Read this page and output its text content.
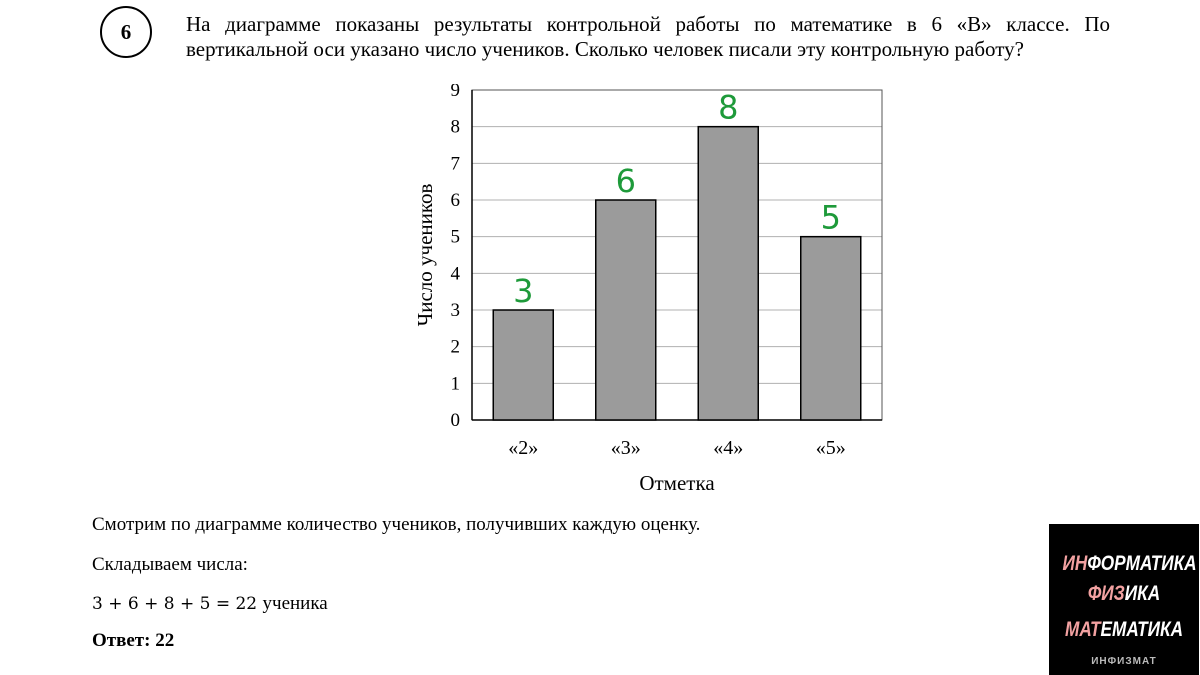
6	На диаграмме показаны результаты контрольной работы по математике в 6 «В» классе. По вертикальной оси указано число учеников. Сколько человек писали эту контрольную работу?

0
1
2
3
4
5
6
7
8
9
«2»
3
«3»
6
«4»
8
«5»
5
Отметка
Число учеников

Смотрим по диаграмме количество учеников, получивших каждую оценку.

Складываем числа:

3 + 6 + 8 + 5 = 22 ученика

Ответ: 22

ИНФОРМАТИКА
ФИЗИКА
МАТЕМАТИКА
ИНФИЗМАТ
